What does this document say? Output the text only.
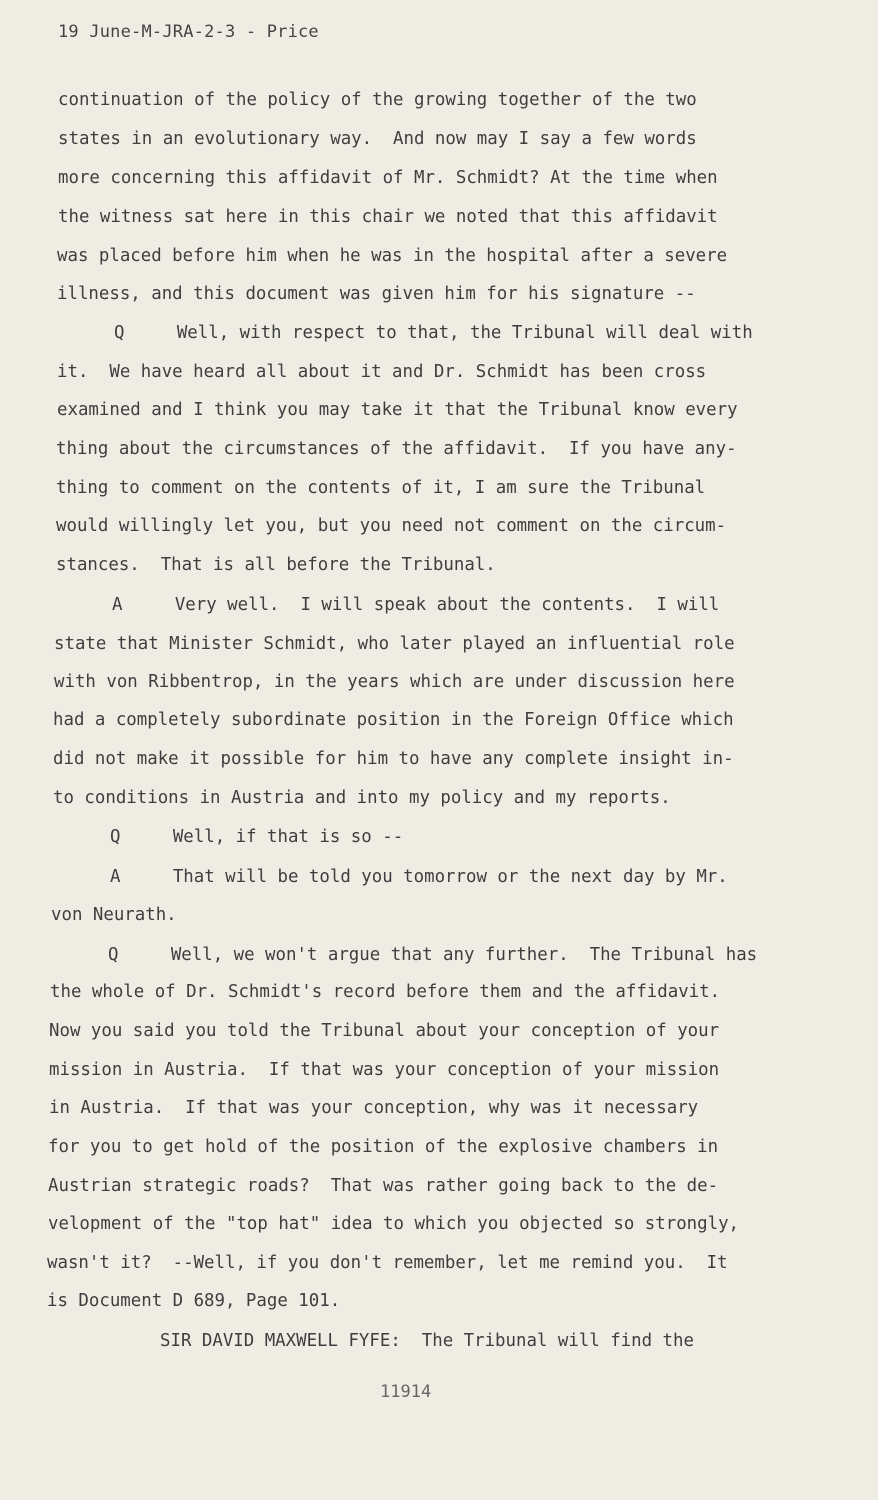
19 June-M-JRA-2-3 - Price
continuation of the policy of the growing together of the two
states in an evolutionary way.  And now may I say a few words
more concerning this affidavit of Mr. Schmidt? At the time when
the witness sat here in this chair we noted that this affidavit
was placed before him when he was in the hospital after a severe
illness, and this document was given him for his signature --
Q     Well, with respect to that, the Tribunal will deal with
it.  We have heard all about it and Dr. Schmidt has been cross
examined and I think you may take it that the Tribunal know every
thing about the circumstances of the affidavit.  If you have any-
thing to comment on the contents of it, I am sure the Tribunal
would willingly let you, but you need not comment on the circum-
stances.  That is all before the Tribunal.
A     Very well.  I will speak about the contents.  I will
state that Minister Schmidt, who later played an influential role
with von Ribbentrop, in the years which are under discussion here
had a completely subordinate position in the Foreign Office which
did not make it possible for him to have any complete insight in-
to conditions in Austria and into my policy and my reports.
Q     Well, if that is so --
A     That will be told you tomorrow or the next day by Mr.
von Neurath.
Q     Well, we won't argue that any further.  The Tribunal has
the whole of Dr. Schmidt's record before them and the affidavit.
Now you said you told the Tribunal about your conception of your
mission in Austria.  If that was your conception of your mission
in Austria.  If that was your conception, why was it necessary
for you to get hold of the position of the explosive chambers in
Austrian strategic roads?  That was rather going back to the de-
velopment of the "top hat" idea to which you objected so strongly,
wasn't it?  --Well, if you don't remember, let me remind you.  It
is Document D 689, Page 101.
SIR DAVID MAXWELL FYFE:  The Tribunal will find the
11914
